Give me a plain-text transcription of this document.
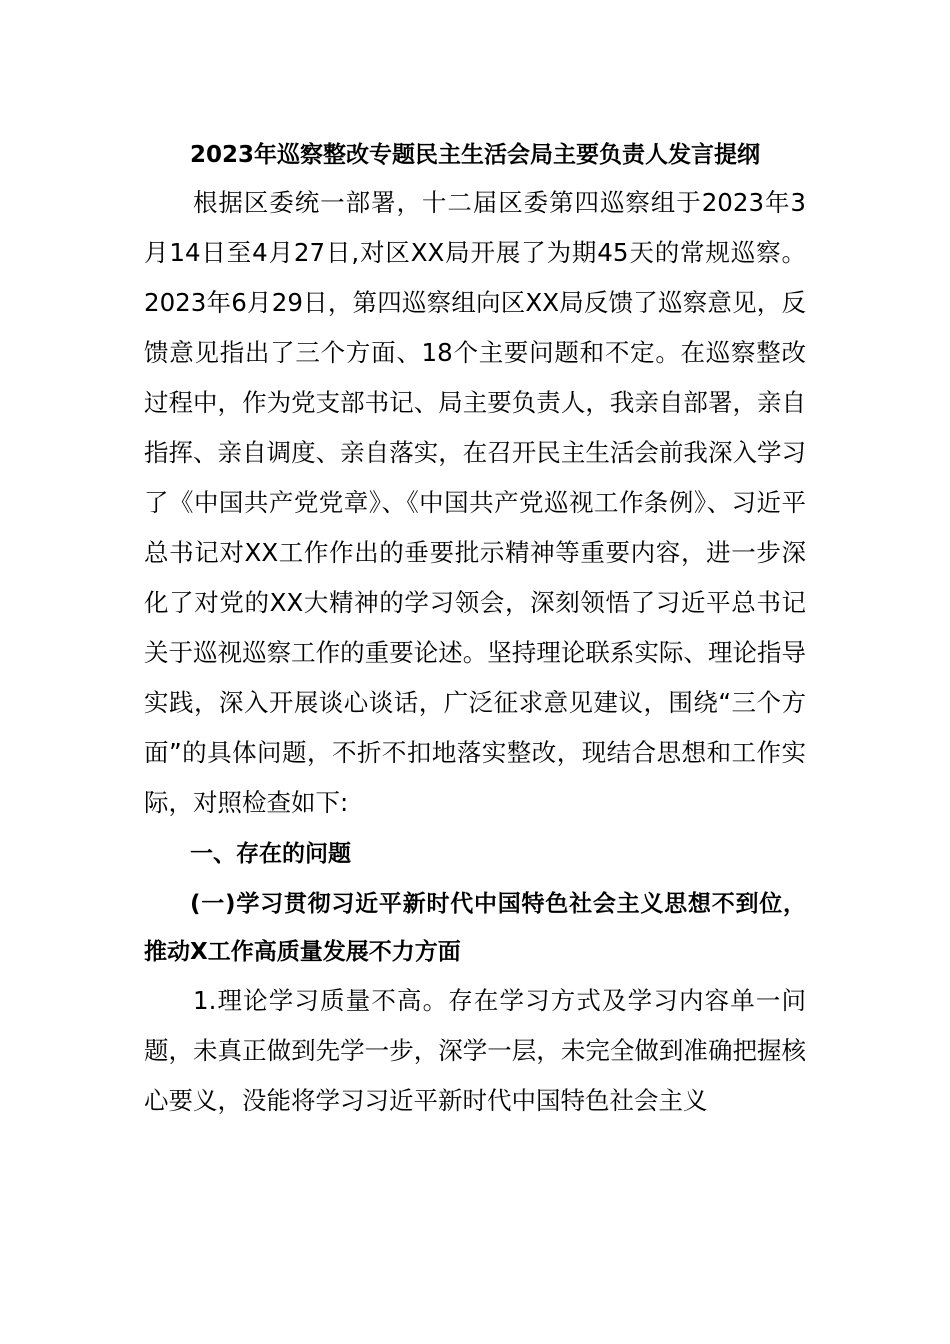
2023年巡察整改专题民主生活会局主要负责人发言提纲

根据区委统一部署，十二届区委第四巡察组于2023年3月14日至4月27日,对区XX局开展了为期45天的常规巡察。2023年6月29日，第四巡察组向区XX局反馈了巡察意见，反馈意见指出了三个方面、18个主要问题和不定。在巡察整改过程中，作为党支部书记、局主要负责人，我亲自部署，亲自指挥、亲自调度、亲自落实，在召开民主生活会前我深入学习了《中国共产党党章》、《中国共产党巡视工作条例》、习近平总书记对XX工作作出的垂要批示精神等重要内容，进一步深化了对党的XX大精神的学习领会，深刻领悟了习近平总书记关于巡视巡察工作的重要论述。坚持理论联系实际、理论指导实践，深入开展谈心谈话，广泛征求意见建议，围绕“三个方面”的具体问题，不折不扣地落实整改，现结合思想和工作实际，对照检查如下:

一、存在的问题

(一)学习贯彻习近平新时代中国特色社会主义思想不到位，推动X工作高质量发展不力方面

1.理论学习质量不高。存在学习方式及学习内容单一问题，未真正做到先学一步，深学一层，未完全做到准确把握核心要义，没能将学习习近平新时代中国特色社会主义
